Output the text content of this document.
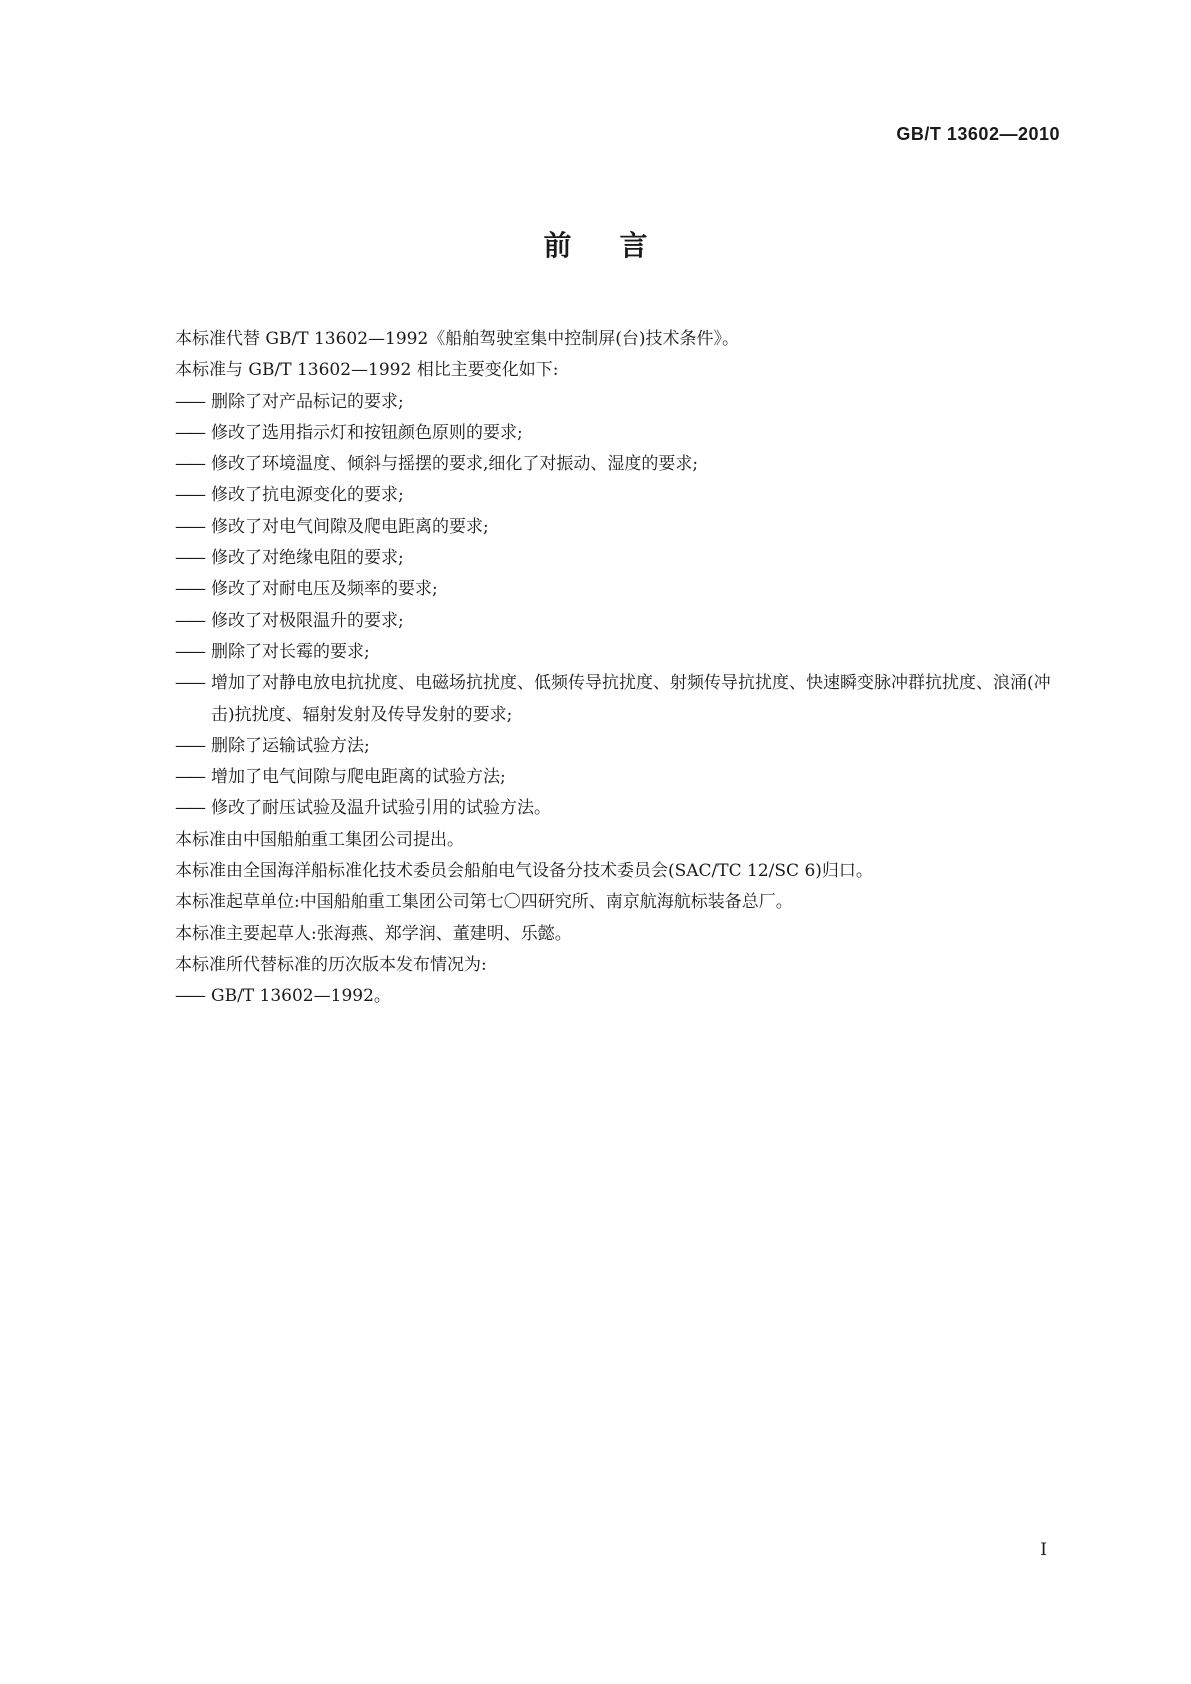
GB/T 13602—2010
前言
本标准代替 GB/T 13602—1992《船舶驾驶室集中控制屏(台)技术条件》。
本标准与 GB/T 13602—1992 相比主要变化如下:
—— 删除了对产品标记的要求;
—— 修改了选用指示灯和按钮颜色原则的要求;
—— 修改了环境温度、倾斜与摇摆的要求,细化了对振动、湿度的要求;
—— 修改了抗电源变化的要求;
—— 修改了对电气间隙及爬电距离的要求;
—— 修改了对绝缘电阻的要求;
—— 修改了对耐电压及频率的要求;
—— 修改了对极限温升的要求;
—— 删除了对长霉的要求;
—— 增加了对静电放电抗扰度、电磁场抗扰度、低频传导抗扰度、射频传导抗扰度、快速瞬变脉冲群抗扰度、浪涌(冲击)抗扰度、辐射发射及传导发射的要求;
—— 删除了运输试验方法;
—— 增加了电气间隙与爬电距离的试验方法;
—— 修改了耐压试验及温升试验引用的试验方法。
本标准由中国船舶重工集团公司提出。
本标准由全国海洋船标准化技术委员会船舶电气设备分技术委员会(SAC/TC 12/SC 6)归口。
本标准起草单位:中国船舶重工集团公司第七〇四研究所、南京航海航标装备总厂。
本标准主要起草人:张海燕、郑学润、董建明、乐懿。
本标准所代替标准的历次版本发布情况为:
—— GB/T 13602—1992。
I
